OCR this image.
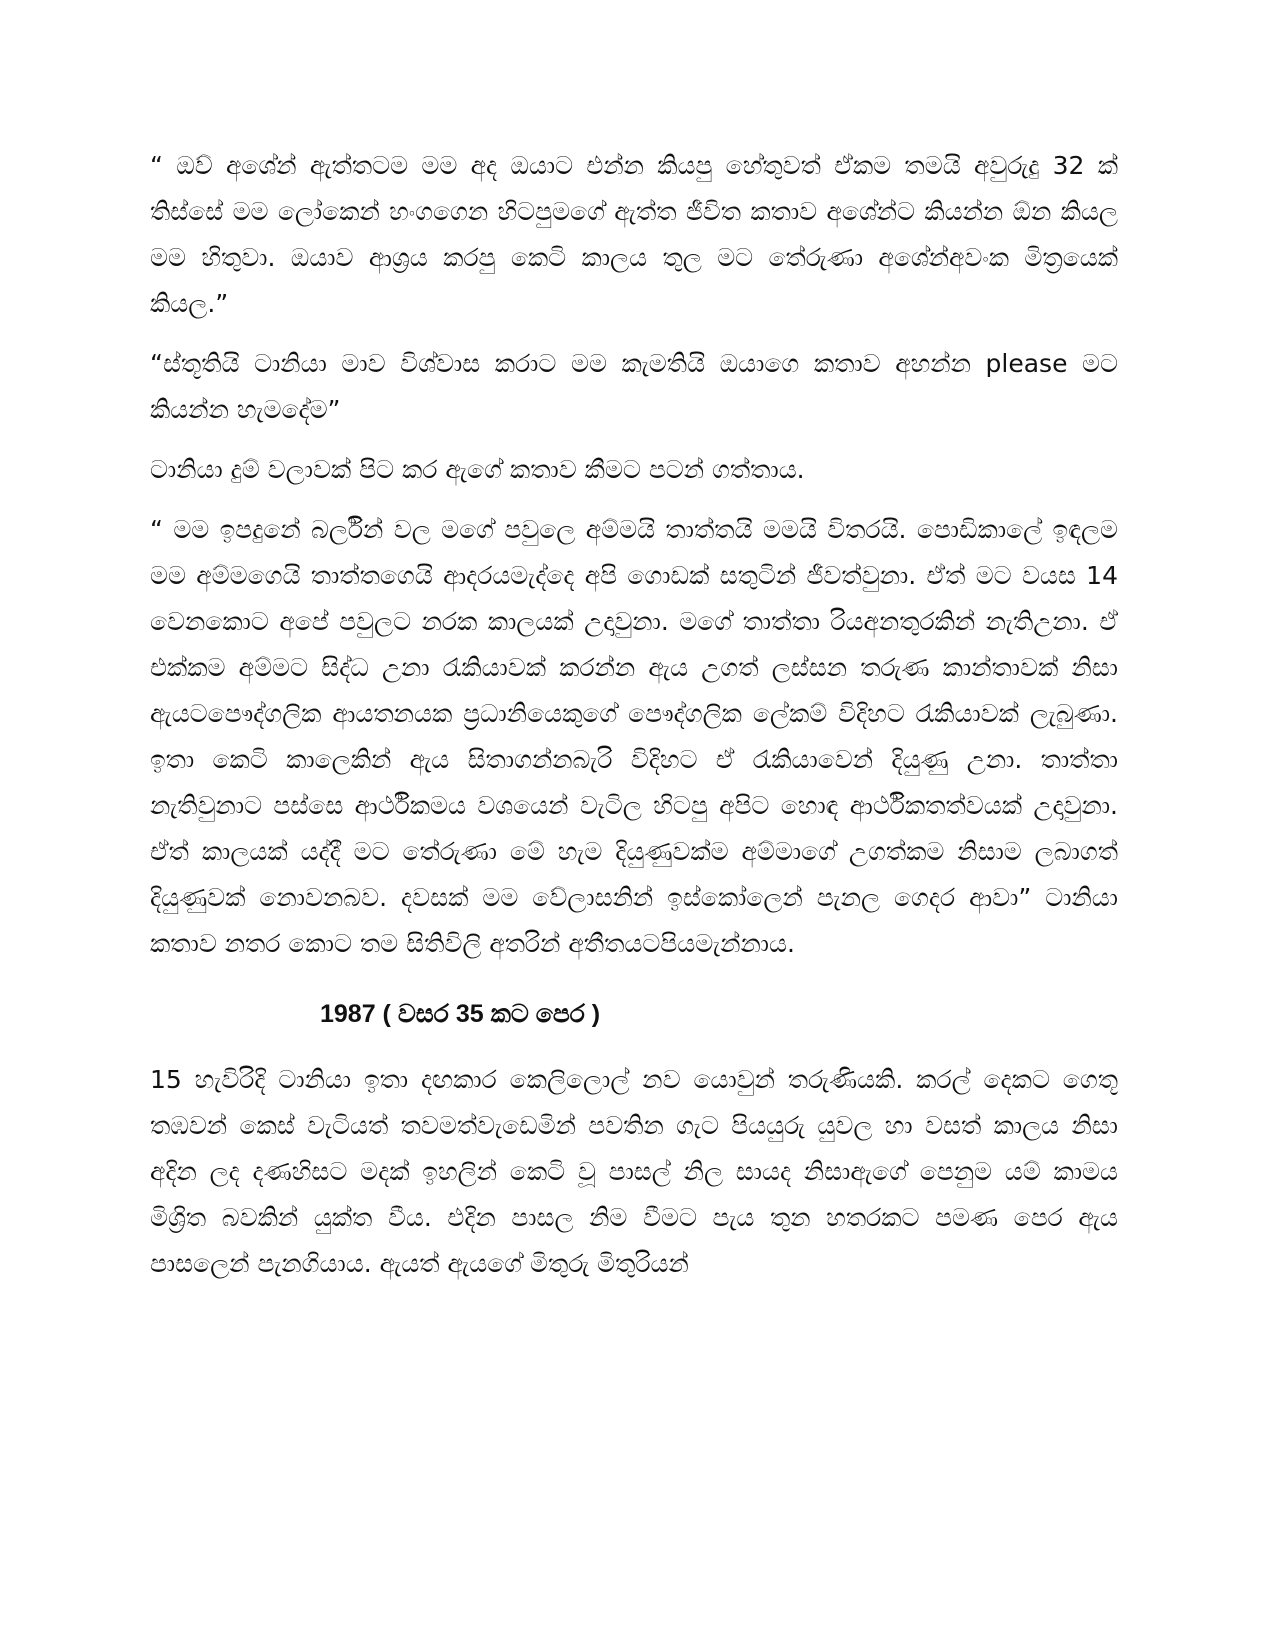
“ ඔව් අශේන් ඇත්තටම මම අද ඔයාට එන්න කියපු හේතුවත් ඒකම තමයි අවුරුදු 32 ක් තිස්සේ මම ලෝකෙන් හංගගෙන හිටපුමගේ ඇත්ත ජීවිත කතාව අශේන්ට කියන්න ඕන කියල මම හිතුවා. ඔයාව ආශ්‍රය කරපු කෙටි කාලය තුල මට තේරුණා අශේන්අවංක මිත්‍රයෙක් කියල.”

“ස්තූතියි ටානියා මාව විශ්වාස කරාට මම කැමතියි ඔයාගෙ කතාව අහන්න please මට කියන්න හැමදේම”

ටානියා දුම් වලාවක් පිට කර ඇගේ කතාව කීමට පටන් ගත්තාය.

“ මම ඉපදුනේ බර්ලින් වල මගේ පවුලෙ අම්මයි තාත්තයි මමයි විතරයි. පොඩිකාලේ ඉඳලම මම අම්මගෙයි තාත්තගෙයි ආදරයමැද්දෙ අපි ගොඩක් සතුටින් ජීවත්වුනා. ඒත් මට වයස 14 වෙනකොට අපේ පවුලට නරක කාලයක් උදාවුනා. මගේ තාත්තා රියඅනතුරකින් නැතිඋනා. ඒ එක්කම අම්මට සිද්ධ උනා රැකියාවක් කරන්න ඇය උගත් ලස්සන තරුණ කාන්තාවක් නිසා ඇයටපෞද්ගලික ආයතනයක ප්‍රධානියෙකුගේ පෞද්ගලික ලේකම් විදිහට රැකියාවක් ලැබුණා. ඉතා කෙටි කාලෙකින් ඇය සිතාගන්නබැරි විදිහට ඒ රැකියාවෙන් දියුණු උනා. තාත්තා නැතිවුනාට පස්සෙ ආර්ථිකමය වශයෙන් වැටිල හිටපු අපිට හොඳ ආර්ථිකතත්වයක් උදාවුනා. ඒත් කාලයක් යද්දී මට තේරුණා මේ හැම දියුණුවක්ම අම්මාගේ උගත්කම නිසාම ලබාගත් දියුණුවක් නොවනබව. දවසක් මම වේලාසනින් ඉස්කෝලෙන් පැනල ගෙදර ආවා” ටානියා කතාව නතර කොට තම සිතිවිලි අතරින් අතීතයටපියමැන්නාය.

1987 ( වසර 35 කට පෙර )

15 හැවිරිදි ටානියා ඉතා දඟකාර කෙලිලොල් නව යොවුන් තරුණියකි. කරල් දෙකට ගෙතූ තඹවන් කෙස් වැටියත් තවමත්වැඩෙමින් පවතින ගැට පියයුරු යුවල හා වසත් කාලය නිසා අදින ලද දණහිසට මදක් ඉහලින් කෙටි වූ පාසල් නිල සායද නිසාඇගේ පෙනුම යම් කාමය මිශ්‍රිත බවකින් යුක්ත වීය. එදින පාසල නිම වීමට පැය තුන හතරකට පමණ පෙර ඇය පාසලෙන් පැනගියාය. ඇයත් ඇයගේ මිතුරු මිතුරියන්
